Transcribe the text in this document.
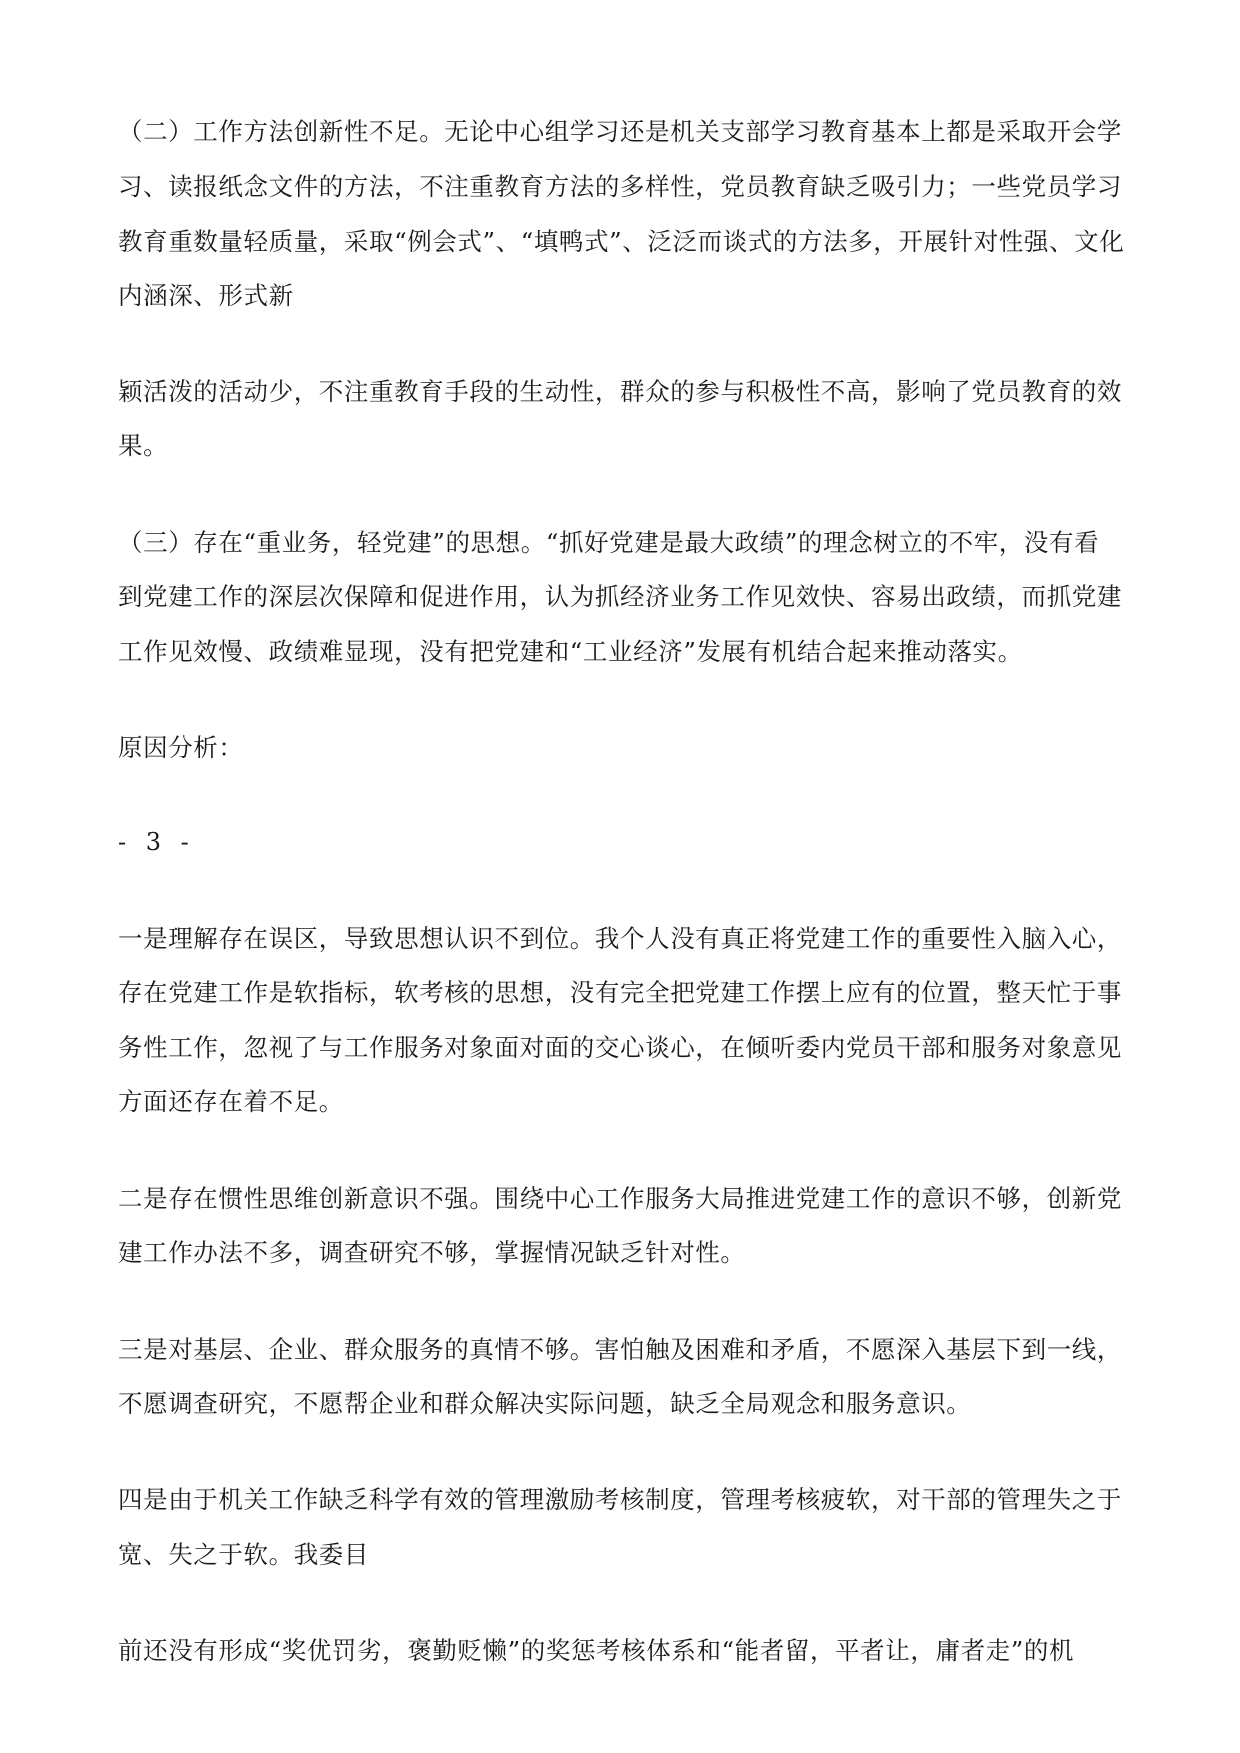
（二）工作方法创新性不足。无论中心组学习还是机关支部学习教育基本上都是采取开会学
习、读报纸念文件的方法，不注重教育方法的多样性，党员教育缺乏吸引力；一些党员学习
教育重数量轻质量，采取“例会式”、“填鸭式”、泛泛而谈式的方法多，开展针对性强、文化
内涵深、形式新
颖活泼的活动少，不注重教育手段的生动性，群众的参与积极性不高，影响了党员教育的效
果。
（三）存在“重业务，轻党建”的思想。“抓好党建是最大政绩”的理念树立的不牢，没有看
到党建工作的深层次保障和促进作用，认为抓经济业务工作见效快、容易出政绩，而抓党建
工作见效慢、政绩难显现，没有把党建和“工业经济”发展有机结合起来推动落实。
原因分析：
- 3 -
一是理解存在误区，导致思想认识不到位。我个人没有真正将党建工作的重要性入脑入心，
存在党建工作是软指标，软考核的思想，没有完全把党建工作摆上应有的位置，整天忙于事
务性工作，忽视了与工作服务对象面对面的交心谈心，在倾听委内党员干部和服务对象意见
方面还存在着不足。
二是存在惯性思维创新意识不强。围绕中心工作服务大局推进党建工作的意识不够，创新党
建工作办法不多，调查研究不够，掌握情况缺乏针对性。
三是对基层、企业、群众服务的真情不够。害怕触及困难和矛盾，不愿深入基层下到一线，
不愿调查研究，不愿帮企业和群众解决实际问题，缺乏全局观念和服务意识。
四是由于机关工作缺乏科学有效的管理激励考核制度，管理考核疲软，对干部的管理失之于
宽、失之于软。我委目
前还没有形成“奖优罚劣，褒勤贬懒”的奖惩考核体系和“能者留，平者让，庸者走”的机
